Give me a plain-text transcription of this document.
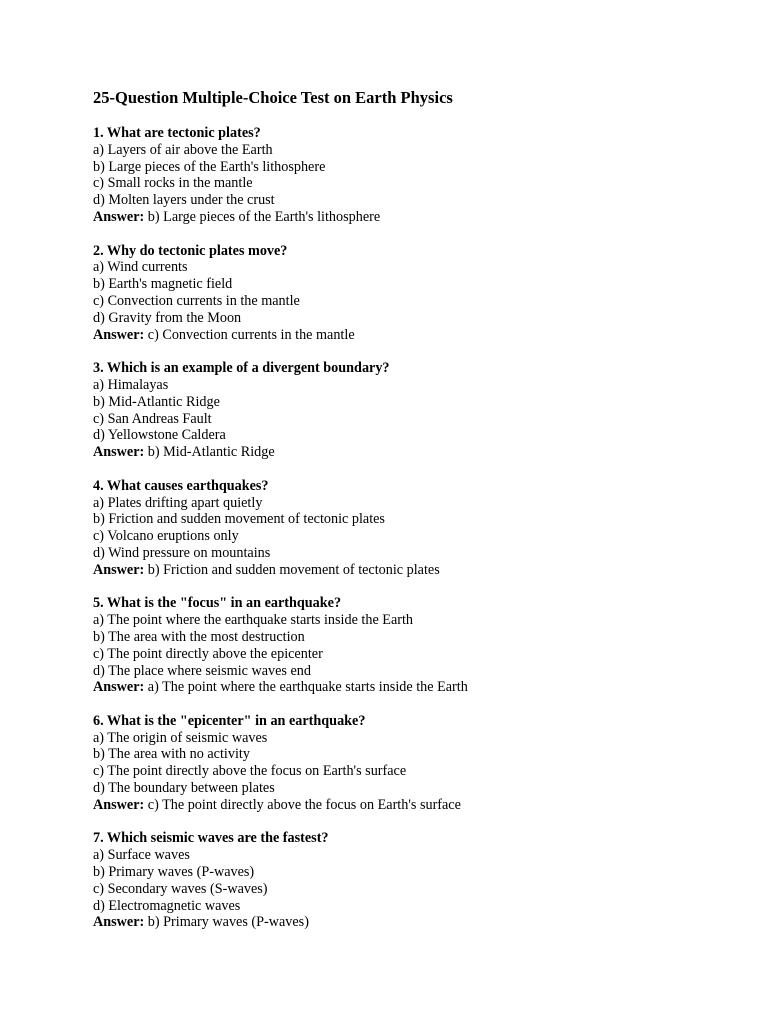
25-Question Multiple-Choice Test on Earth Physics
1. What are tectonic plates?
a) Layers of air above the Earth
b) Large pieces of the Earth's lithosphere
c) Small rocks in the mantle
d) Molten layers under the crust
Answer: b) Large pieces of the Earth's lithosphere
2. Why do tectonic plates move?
a) Wind currents
b) Earth's magnetic field
c) Convection currents in the mantle
d) Gravity from the Moon
Answer: c) Convection currents in the mantle
3. Which is an example of a divergent boundary?
a) Himalayas
b) Mid-Atlantic Ridge
c) San Andreas Fault
d) Yellowstone Caldera
Answer: b) Mid-Atlantic Ridge
4. What causes earthquakes?
a) Plates drifting apart quietly
b) Friction and sudden movement of tectonic plates
c) Volcano eruptions only
d) Wind pressure on mountains
Answer: b) Friction and sudden movement of tectonic plates
5. What is the "focus" in an earthquake?
a) The point where the earthquake starts inside the Earth
b) The area with the most destruction
c) The point directly above the epicenter
d) The place where seismic waves end
Answer: a) The point where the earthquake starts inside the Earth
6. What is the "epicenter" in an earthquake?
a) The origin of seismic waves
b) The area with no activity
c) The point directly above the focus on Earth's surface
d) The boundary between plates
Answer: c) The point directly above the focus on Earth's surface
7. Which seismic waves are the fastest?
a) Surface waves
b) Primary waves (P-waves)
c) Secondary waves (S-waves)
d) Electromagnetic waves
Answer: b) Primary waves (P-waves)
